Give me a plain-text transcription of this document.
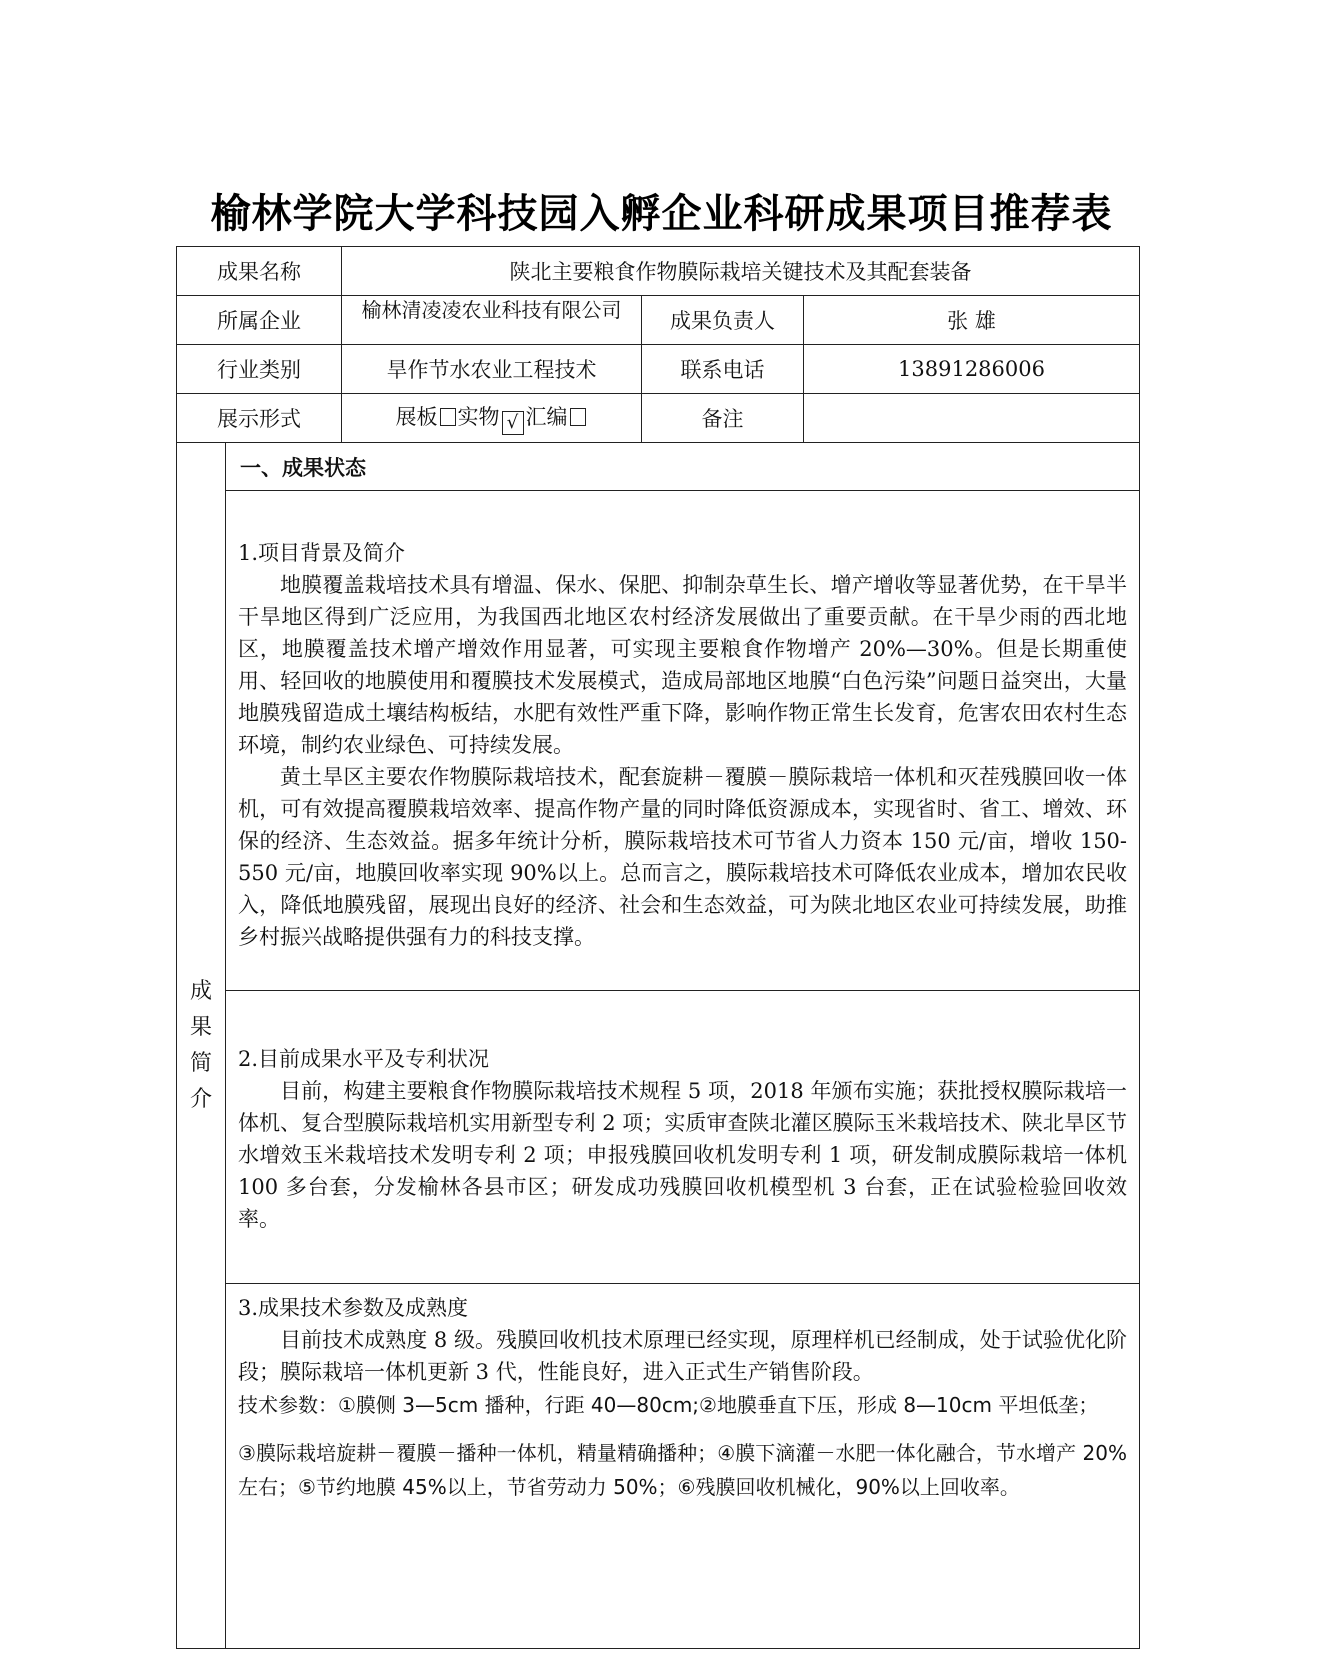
榆林学院大学科技园入孵企业科研成果项目推荐表
成果名称		陕北主要粮食作物膜际栽培关键技术及其配套装备		
所属企业		榆林清凌凌农业科技有限公司	成果负责人	张 雄
行业类别		旱作节水农业工程技术	联系电话	13891286006
展示形式		展板 实物 √ 汇编	备注	

成
果
简
介	一、成果状态			

	1.项目背景及简介

地膜覆盖栽培技术具有增温、保水、保肥、抑制杂草生长、增产增收等显著优势，在干旱半干旱地区得到广泛应用，为我国西北地区农村经济发展做出了重要贡献。在干旱少雨的西北地区，地膜覆盖技术增产增效作用显著，可实现主要粮食作物增产 20%—30%。但是长期重使用、轻回收的地膜使用和覆膜技术发展模式，造成局部地区地膜“白色污染”问题日益突出，大量地膜残留造成土壤结构板结，水肥有效性严重下降，影响作物正常生长发育，危害农田农村生态环境，制约农业绿色、可持续发展。

黄土旱区主要农作物膜际栽培技术，配套旋耕－覆膜－膜际栽培一体机和灭茬残膜回收一体机，可有效提高覆膜栽培效率、提高作物产量的同时降低资源成本，实现省时、省工、增效、环保的经济、生态效益。据多年统计分析，膜际栽培技术可节省人力资本 150 元/亩，增收 150-550 元/亩，地膜回收率实现 90%以上。总而言之，膜际栽培技术可降低农业成本，增加农民收入，降低地膜残留，展现出良好的经济、社会和生态效益，可为陕北地区农业可持续发展，助推乡村振兴战略提供强有力的科技支撑。			

	2.目前成果水平及专利状况

目前，构建主要粮食作物膜际栽培技术规程 5 项，2018 年颁布实施；获批授权膜际栽培一体机、复合型膜际栽培机实用新型专利 2 项；实质审查陕北灌区膜际玉米栽培技术、陕北旱区节水增效玉米栽培技术发明专利 2 项；申报残膜回收机发明专利 1 项，研发制成膜际栽培一体机 100 多台套，分发榆林各县市区；研发成功残膜回收机模型机 3 台套，正在试验检验回收效率。			

	3.成果技术参数及成熟度

目前技术成熟度 8 级。残膜回收机技术原理已经实现，原理样机已经制成，处于试验优化阶段；膜际栽培一体机更新 3 代，性能良好，进入正式生产销售阶段。

技术参数：①膜侧 3—5cm 播种，行距 40—80cm;②地膜垂直下压，形成 8—10cm 平坦低垄；

③膜际栽培旋耕－覆膜－播种一体机，精量精确播种；④膜下滴灌－水肥一体化融合，节水增产 20%左右；⑤节约地膜 45%以上，节省劳动力 50%；⑥残膜回收机械化，90%以上回收率。			
